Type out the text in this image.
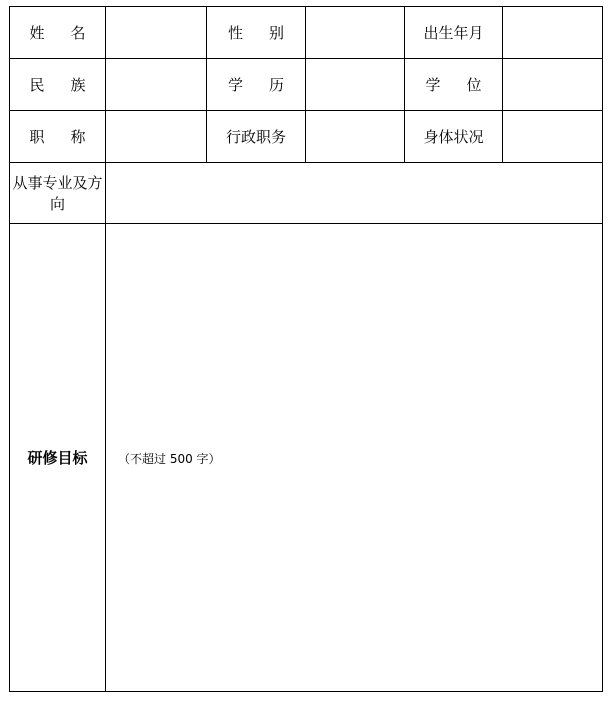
姓 名		性 别		出生年月	
民 族		学 历		学 位	
职 称		行政职务		身体状况	
从事专业及方向					
研修目标	（不超过 500 字）				
